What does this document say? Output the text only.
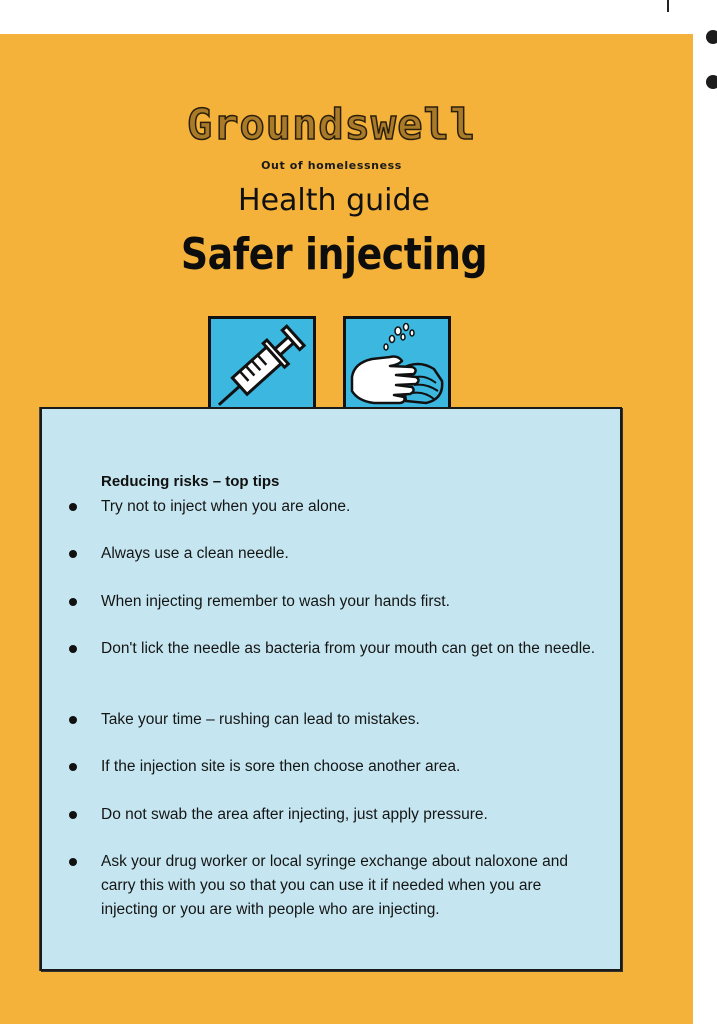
Groundswell
Out of homelessness
Health guide
Safer injecting
Reducing risks – top tips
Try not to inject when you are alone.
Always use a clean needle.
When injecting remember to wash your hands first.
Don't lick the needle as bacteria from your mouth can get on the needle.
Take your time – rushing can lead to mistakes.
If the injection site is sore then choose another area.
Do not swab the area after injecting, just apply pressure.
Ask your drug worker or local syringe exchange about naloxone and carry this with you so that you can use it if needed when you are injecting or you are with people who are injecting.
